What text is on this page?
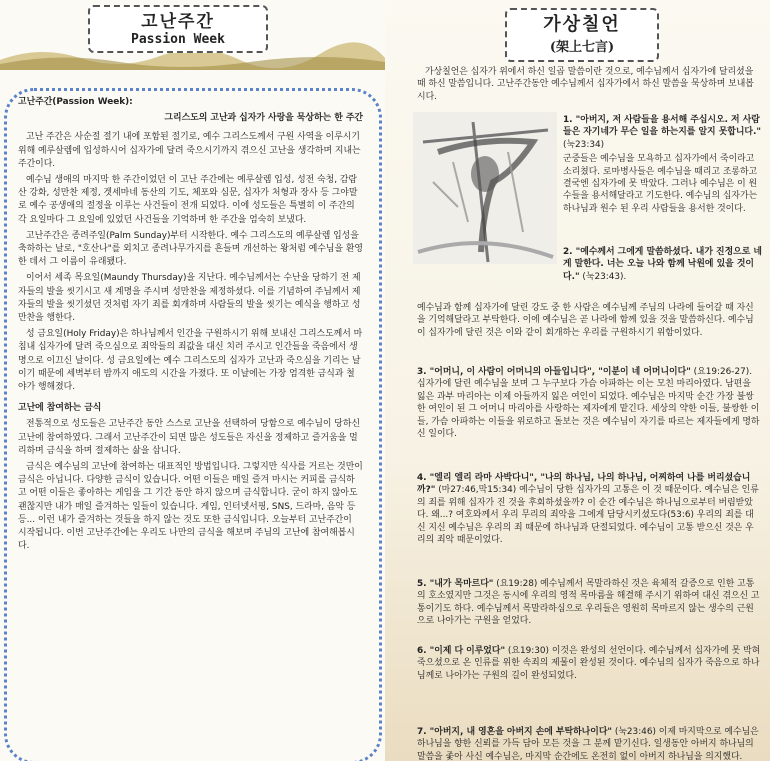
고난주간
Passion Week

고난주간(Passion Week):

그리스도의 고난과 십자가 사랑을 묵상하는 한 주간

고난 주간은 사순절 절기 내에 포함된 절기로, 예수 그리스도께서 구원 사역을 이루시기 위해 예루살렘에 입성하시어 십자가에 달려 죽으시기까지 겪으신 고난을 생각하며 지내는 주간이다.

예수님 생애의 마지막 한 주간이었던 이 고난 주간에는 예루살렘 입성, 성전 숙청, 감람산 강화, 성만찬 제정, 겟세마네 동산의 기도, 체포와 심문, 십자가 처형과 장사 등 그야말로 예수 공생애의 절정을 이루는 사건들이 전개 되었다. 이에 성도들은 특별히 이 주간의 각 요일마다 그 요일에 있었던 사건들을 기억하며 한 주간을 엄숙히 보냈다.

고난주간은 종려주일(Palm Sunday)부터 시작한다. 예수 그리스도의 예루살렘 입성을 축하하는 날로, "호산나"를 외치고 종려나무가지를 흔들며 개선하는 왕처럼 예수님을 환영한 데서 그 이름이 유래됐다.

이어서 세족 목요일(Maundy Thursday)을 지난다. 예수님께서는 수난을 당하기 전 제자들의 발을 씻기시고 새 계명을 주시며 성만찬을 제정하셨다. 이를 기념하여 주님께서 제자들의 발을 씻기셨던 것처럼 자기 죄를 회개하며 사람들의 발을 씻기는 예식을 행하고 성만찬을 행한다.

성 금요일(Holy Friday)은 하나님께서 인간을 구원하시기 위해 보내신 그리스도께서 마침내 십자가에 달려 죽으심으로 죄악들의 죄값을 대신 치러 주시고 인간들을 죽음에서 생명으로 이끄신 날이다. 성 금요일에는 예수 그리스도의 십자가 고난과 죽으심을 기리는 날이기 때문에 세벽부터 밤까지 애도의 시간을 가졌다. 또 이날에는 가장 엄격한 금식과 철야가 행해졌다.

고난에 참여하는 금식

전통적으로 성도들은 고난주간 동안 스스로 고난을 선택하여 당함으로 예수님이 당하신 고난에 참여하였다. 그래서 고난주간이 되면 많은 성도들은 자신을 정제하고 즐거움을 멀리하며 금식을 하며 절제하는 삶을 삽니다.

금식은 예수님의 고난에 참여하는 대표적인 방법입니다. 그렇지만 식사를 거르는 것만이 금식은 아닙니다. 다양한 금식이 있습니다. 어떤 이들은 매일 즐겨 마시는 커피를 금식하고 어떤 이들은 좋아하는 게임을 그 기간 동안 하지 않으며 금식합니다. 굳이 하지 않아도 괜찮지만 내가 매일 즐겨하는 일들이 있습니다. 게임, 인터넷서핑, SNS, 드라마, 음악 등등... 이런 내가 즐겨하는 것들을 하지 않는 것도 또한 금식입니다. 오늘부터 고난주간이 시작됩니다. 이번 고난주간에는 우리도 나만의 금식을 해보며 주님의 고난에 참여해봅시다.

가상칠언
(架上七言)
가상칠언은 십자가 위에서 하신 일곱 말씀이란 것으로, 예수님께서 십자가에 달리셨을 때 하신 말씀입니다. 고난주간동안 예수님께서 십자가에서 하신 말씀을 묵상하며 보내봅시다.

1. "아버지, 저 사람들을 용서해 주십시오. 저 사람들은 자기네가 무슨 일을 하는지를 알지 못합니다." (눅23:34)

군중들은 예수님을 모욕하고 십자가에서 죽이라고 소리쳤다. 로마병사들은 예수님을 때리고 조롱하고 결국엔 십자가에 못 박았다. 그러나 예수님은 이 원수들을 용서해달라고 기도한다. 예수님의 십자가는 하나님과 원수 된 우리 사람들을 용서한 것이다.

2. "예수께서 그에게 말씀하셨다. 내가 진정으로 네게 말한다. 너는 오늘 나와 함께 낙원에 있을 것이다." (눅23:43).

예수님과 함께 십자가에 달린 강도 중 한 사람은 예수님께 주님의 나라에 들어갈 때 자신을 기억해달라고 부탁한다. 이에 예수님은 곧 나라에 함께 있을 것을 말씀하신다. 예수님이 십자가에 달린 것은 이와 같이 회개하는 우리를 구원하시기 위함이었다.

3. "어머니, 이 사람이 어머니의 아들입니다", "이분이 네 어머니이다" (요19:26-27). 십자가에 달린 예수님을 보며 그 누구보다 가슴 아파하는 이는 모친 마리아였다. 남편을 잃은 과부 마리아는 이제 아들까지 잃은 여인이 되었다. 예수님은 마지막 순간 가장 불쌍한 여인이 된 그 어머니 마리아를 사랑하는 제자에게 맡긴다. 세상의 약한 이들, 불쌍한 이들, 가슴 아파하는 이들을 위로하고 돌보는 것은 예수님이 자기를 따르는 제자들에게 명하신 일이다.

4. "엘리 엘리 라마 사박다니", "나의 하나님, 나의 하나님, 어찌하여 나를 버리셨습니까?" (마27:46,막15:34) 예수님이 당한 십자가의 고통은 이 것 때문이다. 예수님은 인류의 죄를 위해 십자가 진 것을 후회하셨을까? 이 순간 예수님은 하나님으로부터 버림받았다. 왜...? 여호와께서 우리 무리의 죄악을 그에게 담당시키셨도다(53:6) 우리의 죄를 대신 지신 예수님은 우리의 죄 때문에 하나님과 단절되었다. 예수님이 고통 받으신 것은 우리의 죄악 때문이었다.

5. "내가 목마르다" (요19:28) 예수님께서 목말라하신 것은 육체적 갈증으로 인한 고통의 호소였지만 그것은 동시에 우리의 영적 목마름을 해결해 주시기 위하여 대신 겪으신 고통이기도 하다. 예수님께서 목말라하심으로 우리들은 영원히 목마르지 않는 생수의 근원으로 나아가는 구원을 얻었다.

6. "이제 다 이루었다" (요19:30) 이것은 완성의 선언이다. 예수님께서 십자가에 못 박혀 죽으셨으로 온 인류를 위한 속죄의 제물이 완성된 것이다. 예수님의 십자가 죽음으로 하나님께로 나아가는 구원의 길이 완성되었다.

7. "아버지, 내 영혼을 아버지 손에 부탁하나이다" (눅23:46) 이제 마지막으로 예수님은 하나님을 향한 신뢰를 가득 담아 모든 것을 그 분께 맡기신다. 일생동안 아버지 하나님의 말씀을 좇아 사신 예수님은, 마지막 순간에도 온전히 없이 아버지 하나님을 의지했다.
